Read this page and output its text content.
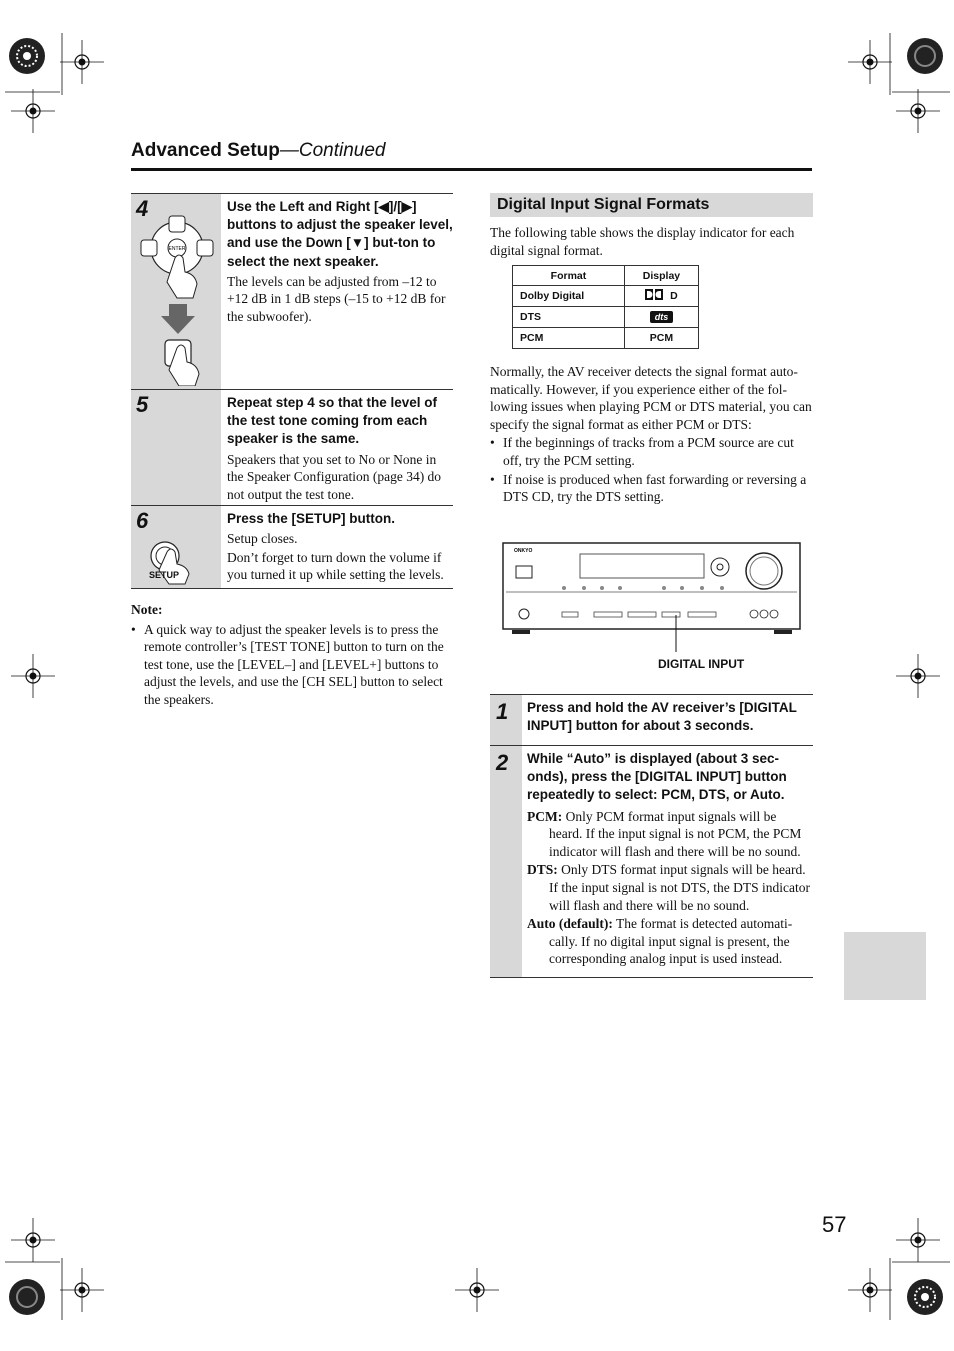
Advanced Setup—Continued
4
ENTER

Use the Left and Right [◀]/[▶] buttons to adjust the speaker level, and use the Down [▼] but-ton to select the next speaker.

The levels can be adjusted from –12 to +12 dB in 1 dB steps (–15 to +12 dB for the subwoofer).

5	Repeat step 4 so that the level of the test tone coming from each speaker is the same.

Speakers that you set to No or None in the Speaker Configuration (page 34) do not output the test tone.

6
SETUP

Press the [SETUP] button.

Setup closes.

Don’t forget to turn down the volume if you turned it up while setting the levels.

Note:
• A quick way to adjust the speaker levels is to press the remote controller’s [TEST TONE] button to turn on the test tone, use the [LEVEL–] and [LEVEL+] buttons to adjust the levels, and use the [CH SEL] button to select the speakers.
Digital Input Signal Formats

The following table shows the display indicator for each digital signal format.

Format	Display
Dolby Digital	D
DTS	dts
PCM	PCM

Normally, the AV receiver detects the signal format auto-matically. However, if you experience either of the fol-lowing issues when playing PCM or DTS material, you can specify the signal format as either PCM or DTS:

• If the beginnings of tracks from a PCM source are cut off, try the PCM setting.
• If noise is produced when fast forwarding or reversing a DTS CD, try the DTS setting.
ONKYO
DIGITAL INPUT
1 Press and hold the AV receiver’s [DIGITAL INPUT] button for about 3 seconds.

2 While “Auto” is displayed (about 3 sec-onds), press the [DIGITAL INPUT] button repeatedly to select: PCM, DTS, or Auto.

PCM: Only PCM format input signals will be heard. If the input signal is not PCM, the PCM indicator will flash and there will be no sound.

DTS: Only DTS format input signals will be heard. If the input signal is not DTS, the DTS indicator will flash and there will be no sound.

Auto (default): The format is detected automati-cally. If no digital input signal is present, the corresponding analog input is used instead.

57
